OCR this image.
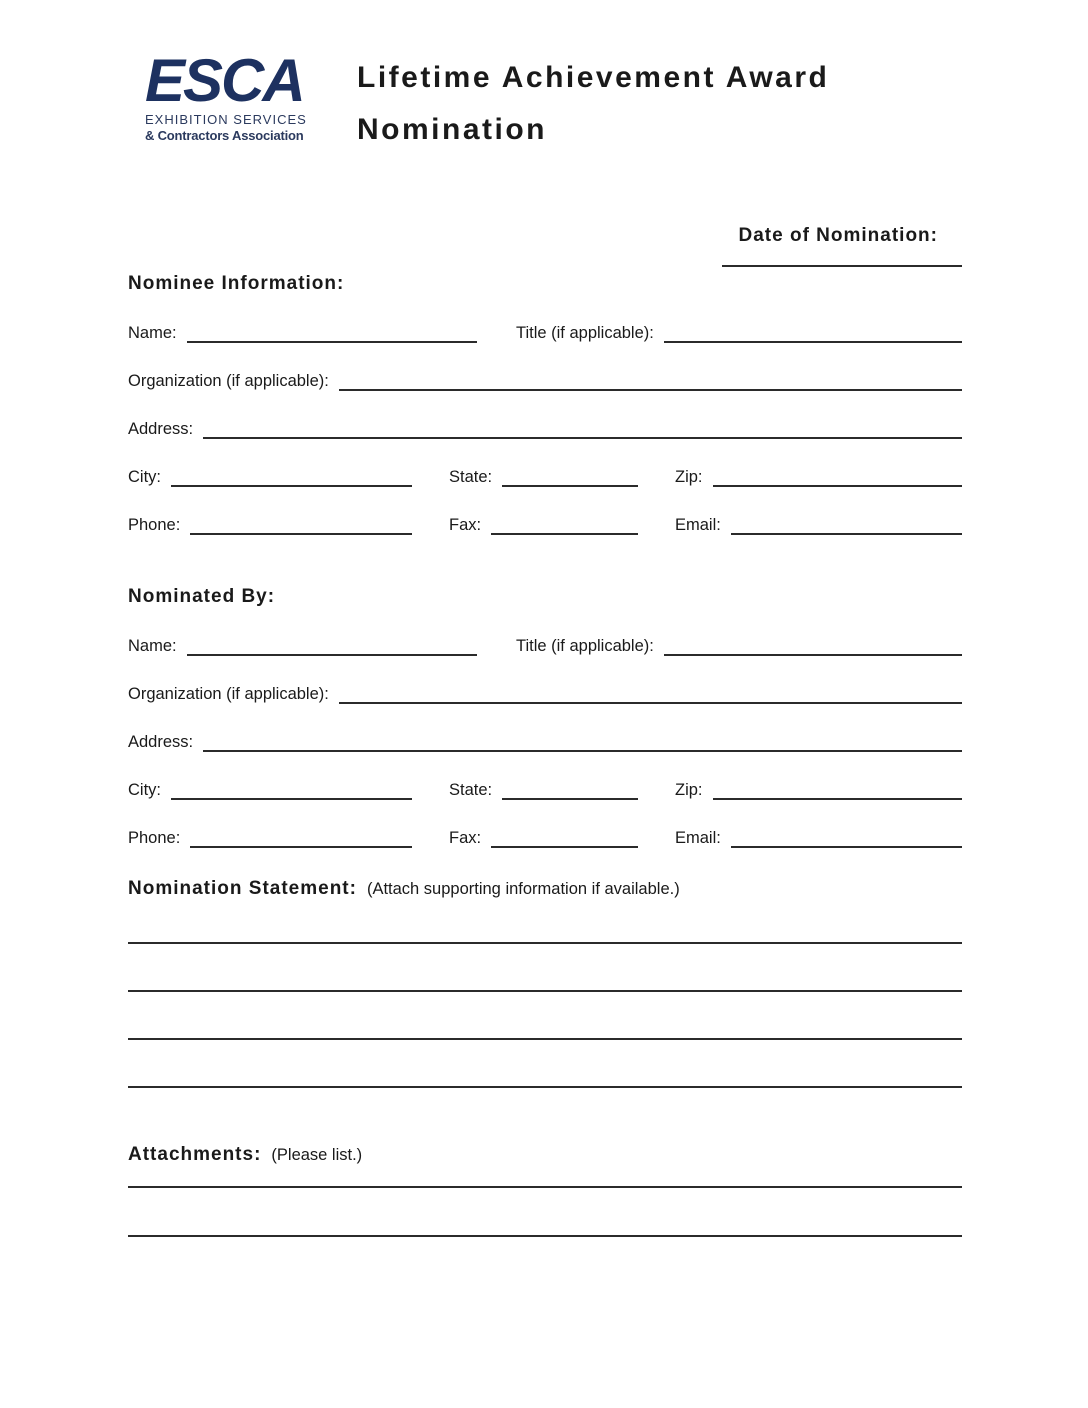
ESCA
EXHIBITION SERVICES
& Contractors Association
Lifetime Achievement Award
Nomination
Date of Nomination:
Nominee Information:
Name:	Title (if applicable):
Organization (if applicable):
Address:
City:	State:	Zip:
Phone:	Fax:	Email:
Nominated By:
Name:	Title (if applicable):
Organization (if applicable):
Address:
City:	State:	Zip:
Phone:	Fax:	Email:
Nomination Statement: (Attach supporting information if available.)
Attachments: (Please list.)
